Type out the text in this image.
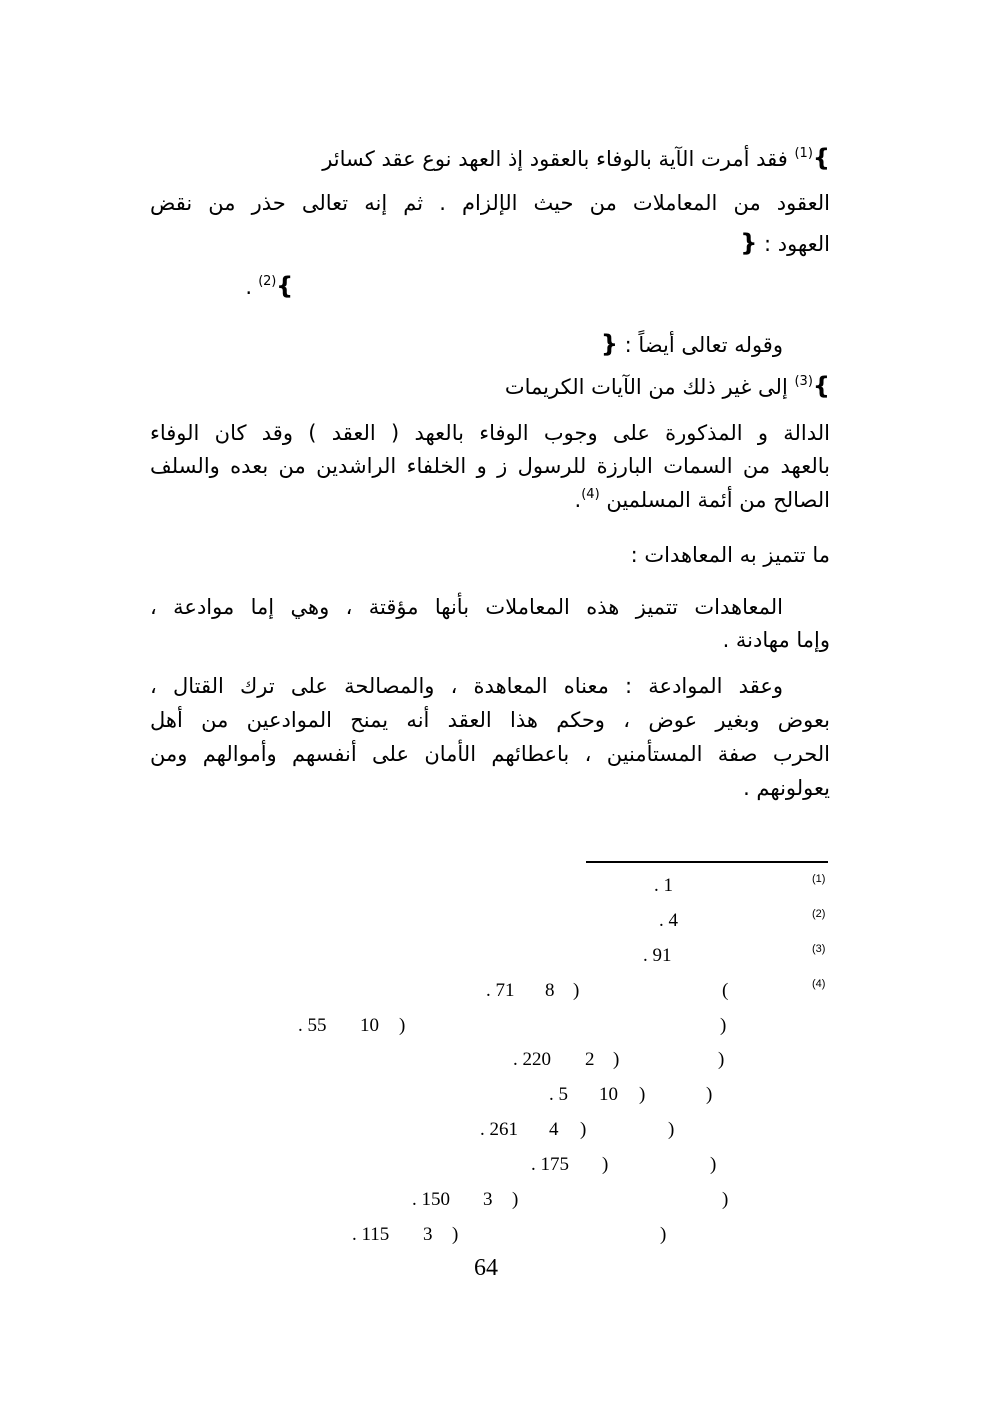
}$^{(1)}$ فقد أمرت الآية بالوفاء بالعقود إذ العهد نوع عقد كسائر
العقود من المعاملات من حيث الإلزام . ثم إنه تعالى حذر من نقض
العهود : {
}$^{(2)}$ .
وقوله تعالى أيضاً : {
}$^{(3)}$ إلى غير ذلك من الآيات الكريمات
الدالة و المذكورة على وجوب الوفاء بالعهد ( العقد ) وقد كان الوفاء
بالعهد من السمات البارزة للرسول ز و الخلفاء الراشدين من بعده والسلف
الصالح من أئمة المسلمين $^{(4)}$.
ما تتميز به المعاهدات :
المعاهدات تتميز هذه المعاملات بأنها مؤقتة ، وهي إما موادعة ،
وإما مهادنة .
وعقد الموادعة : معناه المعاهدة ، والمصالحة على ترك القتال ،
بعوض وبغير عوض ، وحكم هذا العقد أنه يمنح الموادعين من أهل
الحرب صفة المستأمنين ، باعطائهم الأمان على أنفسهم وأموالهم ومن
يعولونهم .
(1)
. 1
(2)
. 4
(3)
. 91
(4)
(
)
8
. 71
)
)
10
. 55
)
)
2
. 220
)
)
10
. 5
)
)
4
. 261
)
)
. 175
)
)
3
. 150
)
)
3
. 115
64
